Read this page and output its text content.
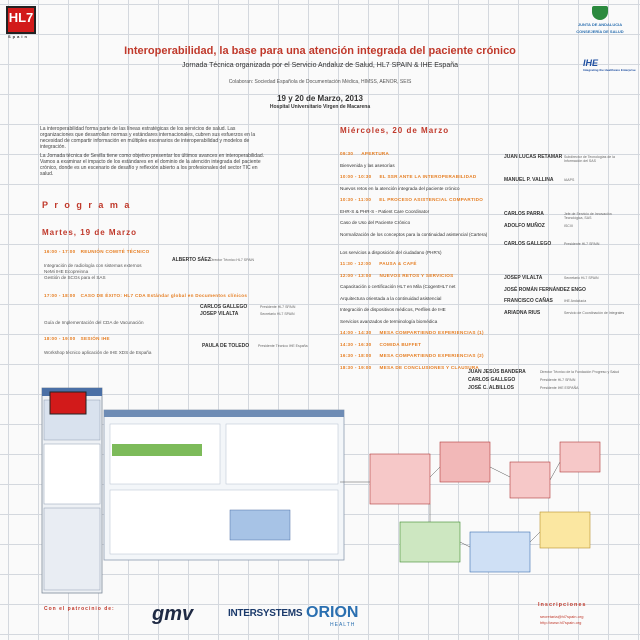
HL7
Spain
JUNTA DE ANDALUCIA
CONSEJERÍA DE SALUD
Interoperabilidad, la base para una atención integrada del paciente crónico
Jornada Técnica organizada por el Servicio Andaluz de Salud, HL7 SPAIN & IHE España	IHE
Integrating the Healthcare Enterprise
Colaboran: Sociedad Española de Documentación Médica, HIMSS, AENOR, SEIS
19 y 20 de Marzo, 2013
Hospital Universitario Virgen de Macarena

La interoperabilidad forma parte de las líneas estratégicas de los servicios de salud. Las organizaciones que desarrollan normas y estándares internacionales, cubren sus esfuerzos en la necesidad de compartir información en múltiples escenarios de interoperabilidad y modelos de integración.

La Jornada técnica de Sevilla tiene como objetivo presentar los últimos avances en interoperabilidad. Vamos a examinar el impacto de los estándares en el dominio de la atención integrada del paciente crónico, donde es un escenario de desafío y reflexión abierto a los profesionales del sector TIC en salud.

P r o g r a m a
Martes, 19 de Marzo
16:00 - 17:00 REUNIÓN COMITÉ TÉCNICO
ALBERTO SÁEZ Director Técnico HL7 SPAIN
Integración de radiología con sistemas externos
NeMi IHE Ecopreinna
Gestión de SCGs para el SAS
17:00 - 18:00 CASO DE ÉXITO: HL7 CDA Estándar global en Documentos clínicos
CARLOS GALLEGO	Presidente HL7 SPAIN
JOSEP VILALTA	Secretario HL7 SPAIN
Guía de Implementación del CDA de Vacunación
18:00 - 19:00 SESIÓN IHE
PAULA DE TOLEDO	Presidente Técnico IHE España
Workshop técnico aplicación de IHE XDS de España
Miércoles, 20 de Marzo
09:30 APERTURA
Bienvenida y las asesorías
JUAN LUCAS RETAMAR Subdirector de Tecnologías de la Información del SAS
10:00 - 10:30 EL SSR ANTE LA INTEROPERABILIDAD
Nuevos retos en la atención integrada del paciente crónico
MANUEL P. VALLINA	IAAPS
10:30 - 11:00 EL PROCESO ASISTENCIAL COMPARTIDO
EHR-S & PHR-S - Patient Care Coordinator
Caso de Uso del Paciente Crónico
CARLOS PARRA	Jefe de Servicio de Innovación Tecnológica, SAS
Normalización de los conceptos para la continuidad asistencial (Cartera)
ADOLFO MUÑOZ	ISCIII
Los servicios a disposición del ciudadano (PHR's)
CARLOS GALLEGO	Presidente HL7 SPAIN
11:30 - 12:00 PAUSA & CAFÉ
12:00 - 13:00 NUEVOS RETOS Y SERVICIOS
Capacitación o certificación HL7 en Mila (CogentHL7 net
JOSEP VILALTA	Secretario HL7 SPAIN
Arquitectura orientada a la continuidad asistencial
JOSÉ ROMÁN FERNÁNDEZ ENGO
Integración de dispositivos médicos, Perfiles de IHE
FRANCISCO CAÑAS	IHE Andalucía
Servicios avanzados de terminología biomédica
ARIADNA RIUS	Servicio de Coordinación de Integrales
14:00 - 14:30 MESA COMPARTIENDO EXPERIENCIAS (1)
14:30 - 16:30 COMIDA BUFFET
16:30 - 18:00 MESA COMPARTIENDO EXPERIENCIAS (2)
18:30 - 19:00 MESA DE CONCLUSIONES Y CLAUSURA
JUAN JESÚS BANDERA	Director Técnico de la Fundación Progreso y Salud
CARLOS GALLEGO	Presidente HL7 SPAIN
JOSÉ C. ALBILLOS	Presidente IHE ESPAÑA
Con el patrocinio de: gmv	INTERSYSTEMS ORION
HEALTH
Inscripciones
secretaria@hl7spain.org
http://www.hl7spain.org
